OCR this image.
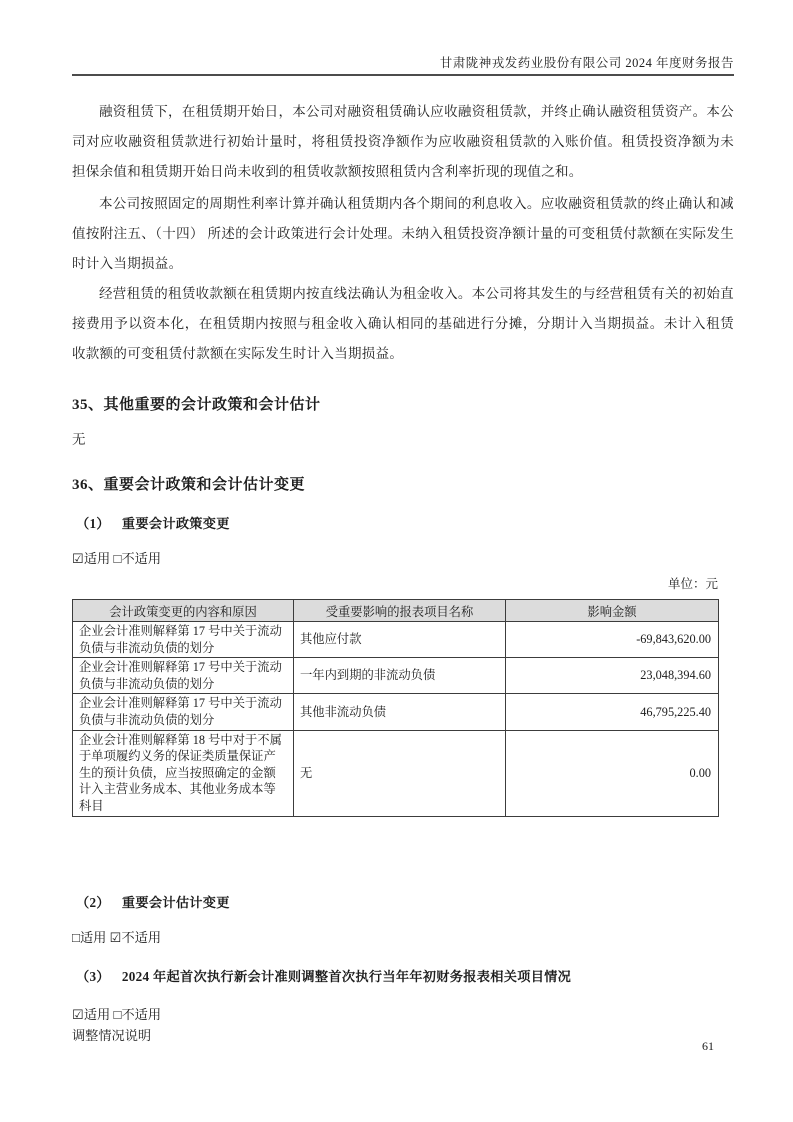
甘肃陇神戎发药业股份有限公司 2024 年度财务报告

融资租赁下，在租赁期开始日，本公司对融资租赁确认应收融资租赁款，并终止确认融资租赁资产。本公司对应收融资租赁款进行初始计量时，将租赁投资净额作为应收融资租赁款的入账价值。租赁投资净额为未担保余值和租赁期开始日尚未收到的租赁收款额按照租赁内含利率折现的现值之和。

本公司按照固定的周期性利率计算并确认租赁期内各个期间的利息收入。应收融资租赁款的终止确认和减值按附注五、（十四） 所述的会计政策进行会计处理。未纳入租赁投资净额计量的可变租赁付款额在实际发生时计入当期损益。

经营租赁的租赁收款额在租赁期内按直线法确认为租金收入。本公司将其发生的与经营租赁有关的初始直接费用予以资本化，在租赁期内按照与租金收入确认相同的基础进行分摊，分期计入当期损益。未计入租赁收款额的可变租赁付款额在实际发生时计入当期损益。

35、其他重要的会计政策和会计估计
无
36、重要会计政策和会计估计变更
（1） 重要会计政策变更
☑适用 □不适用
单位：元
会计政策变更的内容和原因	受重要影响的报表项目名称	影响金额
企业会计准则解释第 17 号中关于流动负债与非流动负债的划分	其他应付款	-69,843,620.00
企业会计准则解释第 17 号中关于流动负债与非流动负债的划分	一年内到期的非流动负债	23,048,394.60
企业会计准则解释第 17 号中关于流动负债与非流动负债的划分	其他非流动负债	46,795,225.40
企业会计准则解释第 18 号中对于不属于单项履约义务的保证类质量保证产生的预计负债，应当按照确定的金额计入主营业务成本、其他业务成本等科目	无	0.00
（2） 重要会计估计变更
□适用 ☑不适用
（3） 2024 年起首次执行新会计准则调整首次执行当年年初财务报表相关项目情况
☑适用 □不适用
调整情况说明
61
